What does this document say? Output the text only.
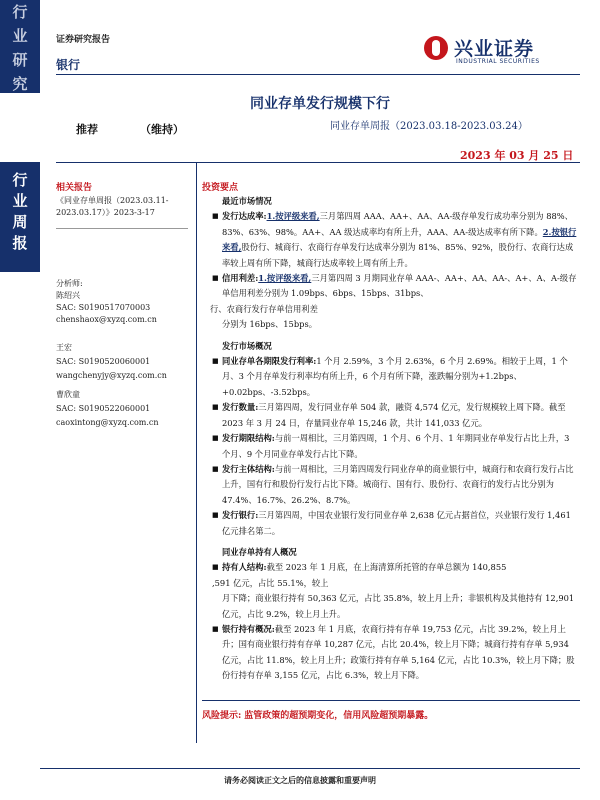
行
业
研
究
行
业
周
报
证券研究报告
银行
兴业证券
INDUSTRIAL SECURITIES
同业存单发行规模下行
同业存单周报（2023.03.18-2023.03.24）
推荐	（维持）
2023 年 03 月 25 日
相关报告
《同业存单周报（2023.03.11-2023.03.17）》2023-3-17
分析师:
陈绍兴
SAC: S0190517070003
chenshaox@xyzq.com.cn
王宏
SAC: S0190520060001
wangchenyjy@xyzq.com.cn
曹欣童
SAC: S0190522060001
caoxintong@xyzq.com.cn
投资要点

最近市场情况

■ 发行达成率:1.按评级来看,三月第四周 AAA、AA+、AA、AA-级存单发行成功率分别为 88%、83%、63%、98%。AA+、AA 级达成率均有所上升，AAA、AA-级达成率有所下降。2.按银行来看,股份行、城商行、农商行存单发行达成率分别为 81%、85%、92%，股份行、农商行达成率较上周有所下降，城商行达成率较上周有所上升。

■ 信用利差:1.按评级来看,三月第四周 3 月期同业存单 AAA-、AA+、AA、AA-、A+、A、A-级存单信用利差分别为 1.09bps、6bps、15bps、31bps、

行、农商行发行存单信用利差

分别为 16bps、15bps。

发行市场概况

■ 同业存单各期限发行利率:1 个月 2.59%，3 个月 2.63%，6 个月 2.69%。相较于上周，1 个月、3 个月存单发行利率均有所上升，6 个月有所下降，涨跌幅分别为+1.2bps、+0.02bps、-3.52bps。

■ 发行数量:三月第四周，发行同业存单 504 款，融资 4,574 亿元，发行规模较上周下降。截至 2023 年 3 月 24 日，存量同业存单 15,246 款，共计 141,033 亿元。

■ 发行期限结构:与前一周相比，三月第四周，1 个月、6 个月、1 年期同业存单发行占比上升，3 个月、9 个月同业存单发行占比下降。

■ 发行主体结构:与前一周相比，三月第四周发行同业存单的商业银行中，城商行和农商行发行占比上升，国有行和股份行发行占比下降。城商行、国有行、股份行、农商行的发行占比分别为 47.4%、16.7%、26.2%、8.7%。

■ 发行银行:三月第四周，中国农业银行发行同业存单 2,638 亿元占据首位，兴业银行发行 1,461 亿元排名第二。

同业存单持有人概况

■ 持有人结构:截至 2023 年 1 月底，在上海清算所托管的存单总额为 140,855

,591 亿元，占比 55.1%，较上

月下降；商业银行持有 50,363 亿元，占比 35.8%，较上月上升；非银机构及其他持有 12,901 亿元，占比 9.2%，较上月上升。

■ 银行持有概况:截至 2023 年 1 月底，农商行持有存单 19,753 亿元，占比 39.2%，较上月上升；国有商业银行持有存单 10,287 亿元，占比 20.4%，较上月下降；城商行持有存单 5,934 亿元，占比 11.8%，较上月上升；政策行持有存单 5,164 亿元，占比 10.3%，较上月下降；股份行持有存单 3,155 亿元，占比 6.3%，较上月下降。

风险提示: 监管政策的超预期变化，信用风险超预期暴露。
请务必阅读正文之后的信息披露和重要声明
